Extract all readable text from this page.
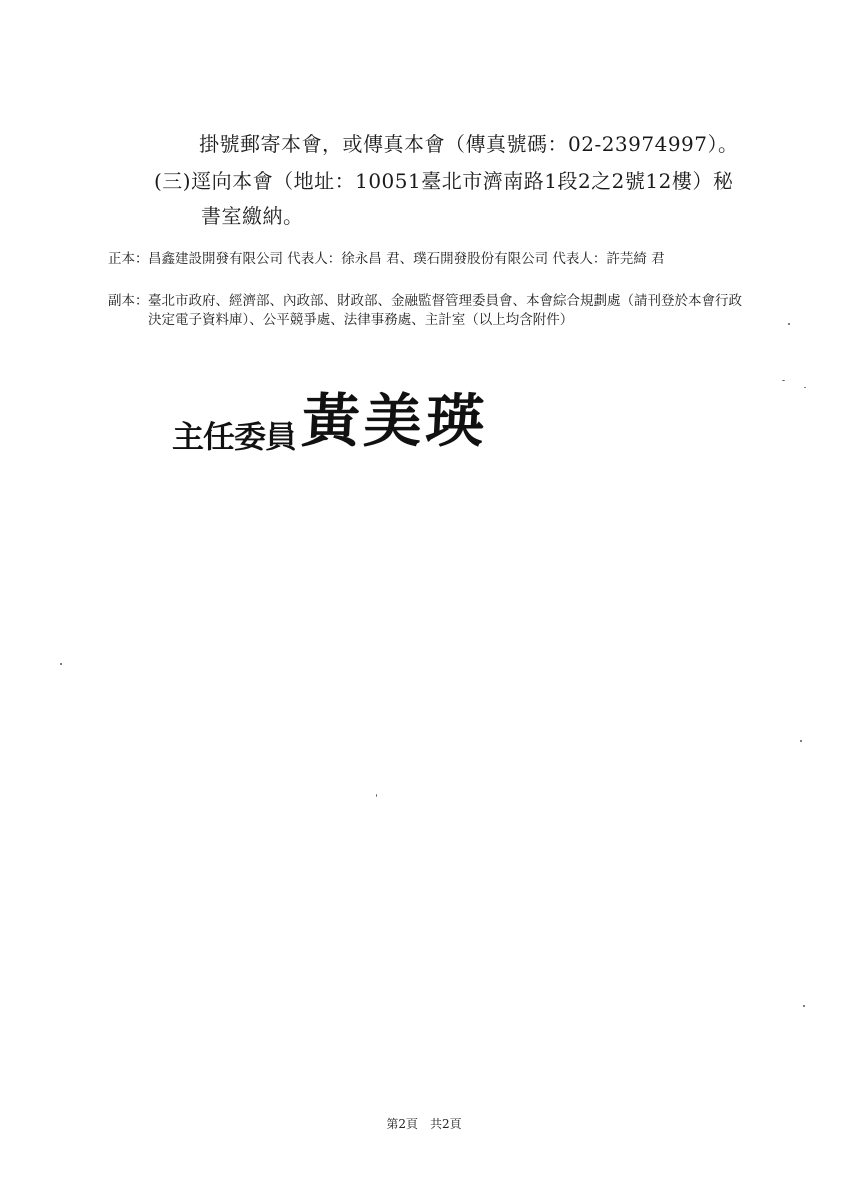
掛號郵寄本會，或傳真本會（傳真號碼：02-23974997）。
(三)逕向本會（地址：10051臺北市濟南路1段2之2號12樓）秘
書室繳納。
正本： 昌鑫建設開發有限公司 代表人：徐永昌 君、璞石開發股份有限公司 代表人：許芫綺 君
副本： 臺北市政府、經濟部、內政部、財政部、金融監督管理委員會、本會綜合規劃處（請刊登於本會行政決定電子資料庫）、公平競爭處、法律事務處、主計室（以上均含附件）
主任委員黃美瑛
第2頁　共2頁
